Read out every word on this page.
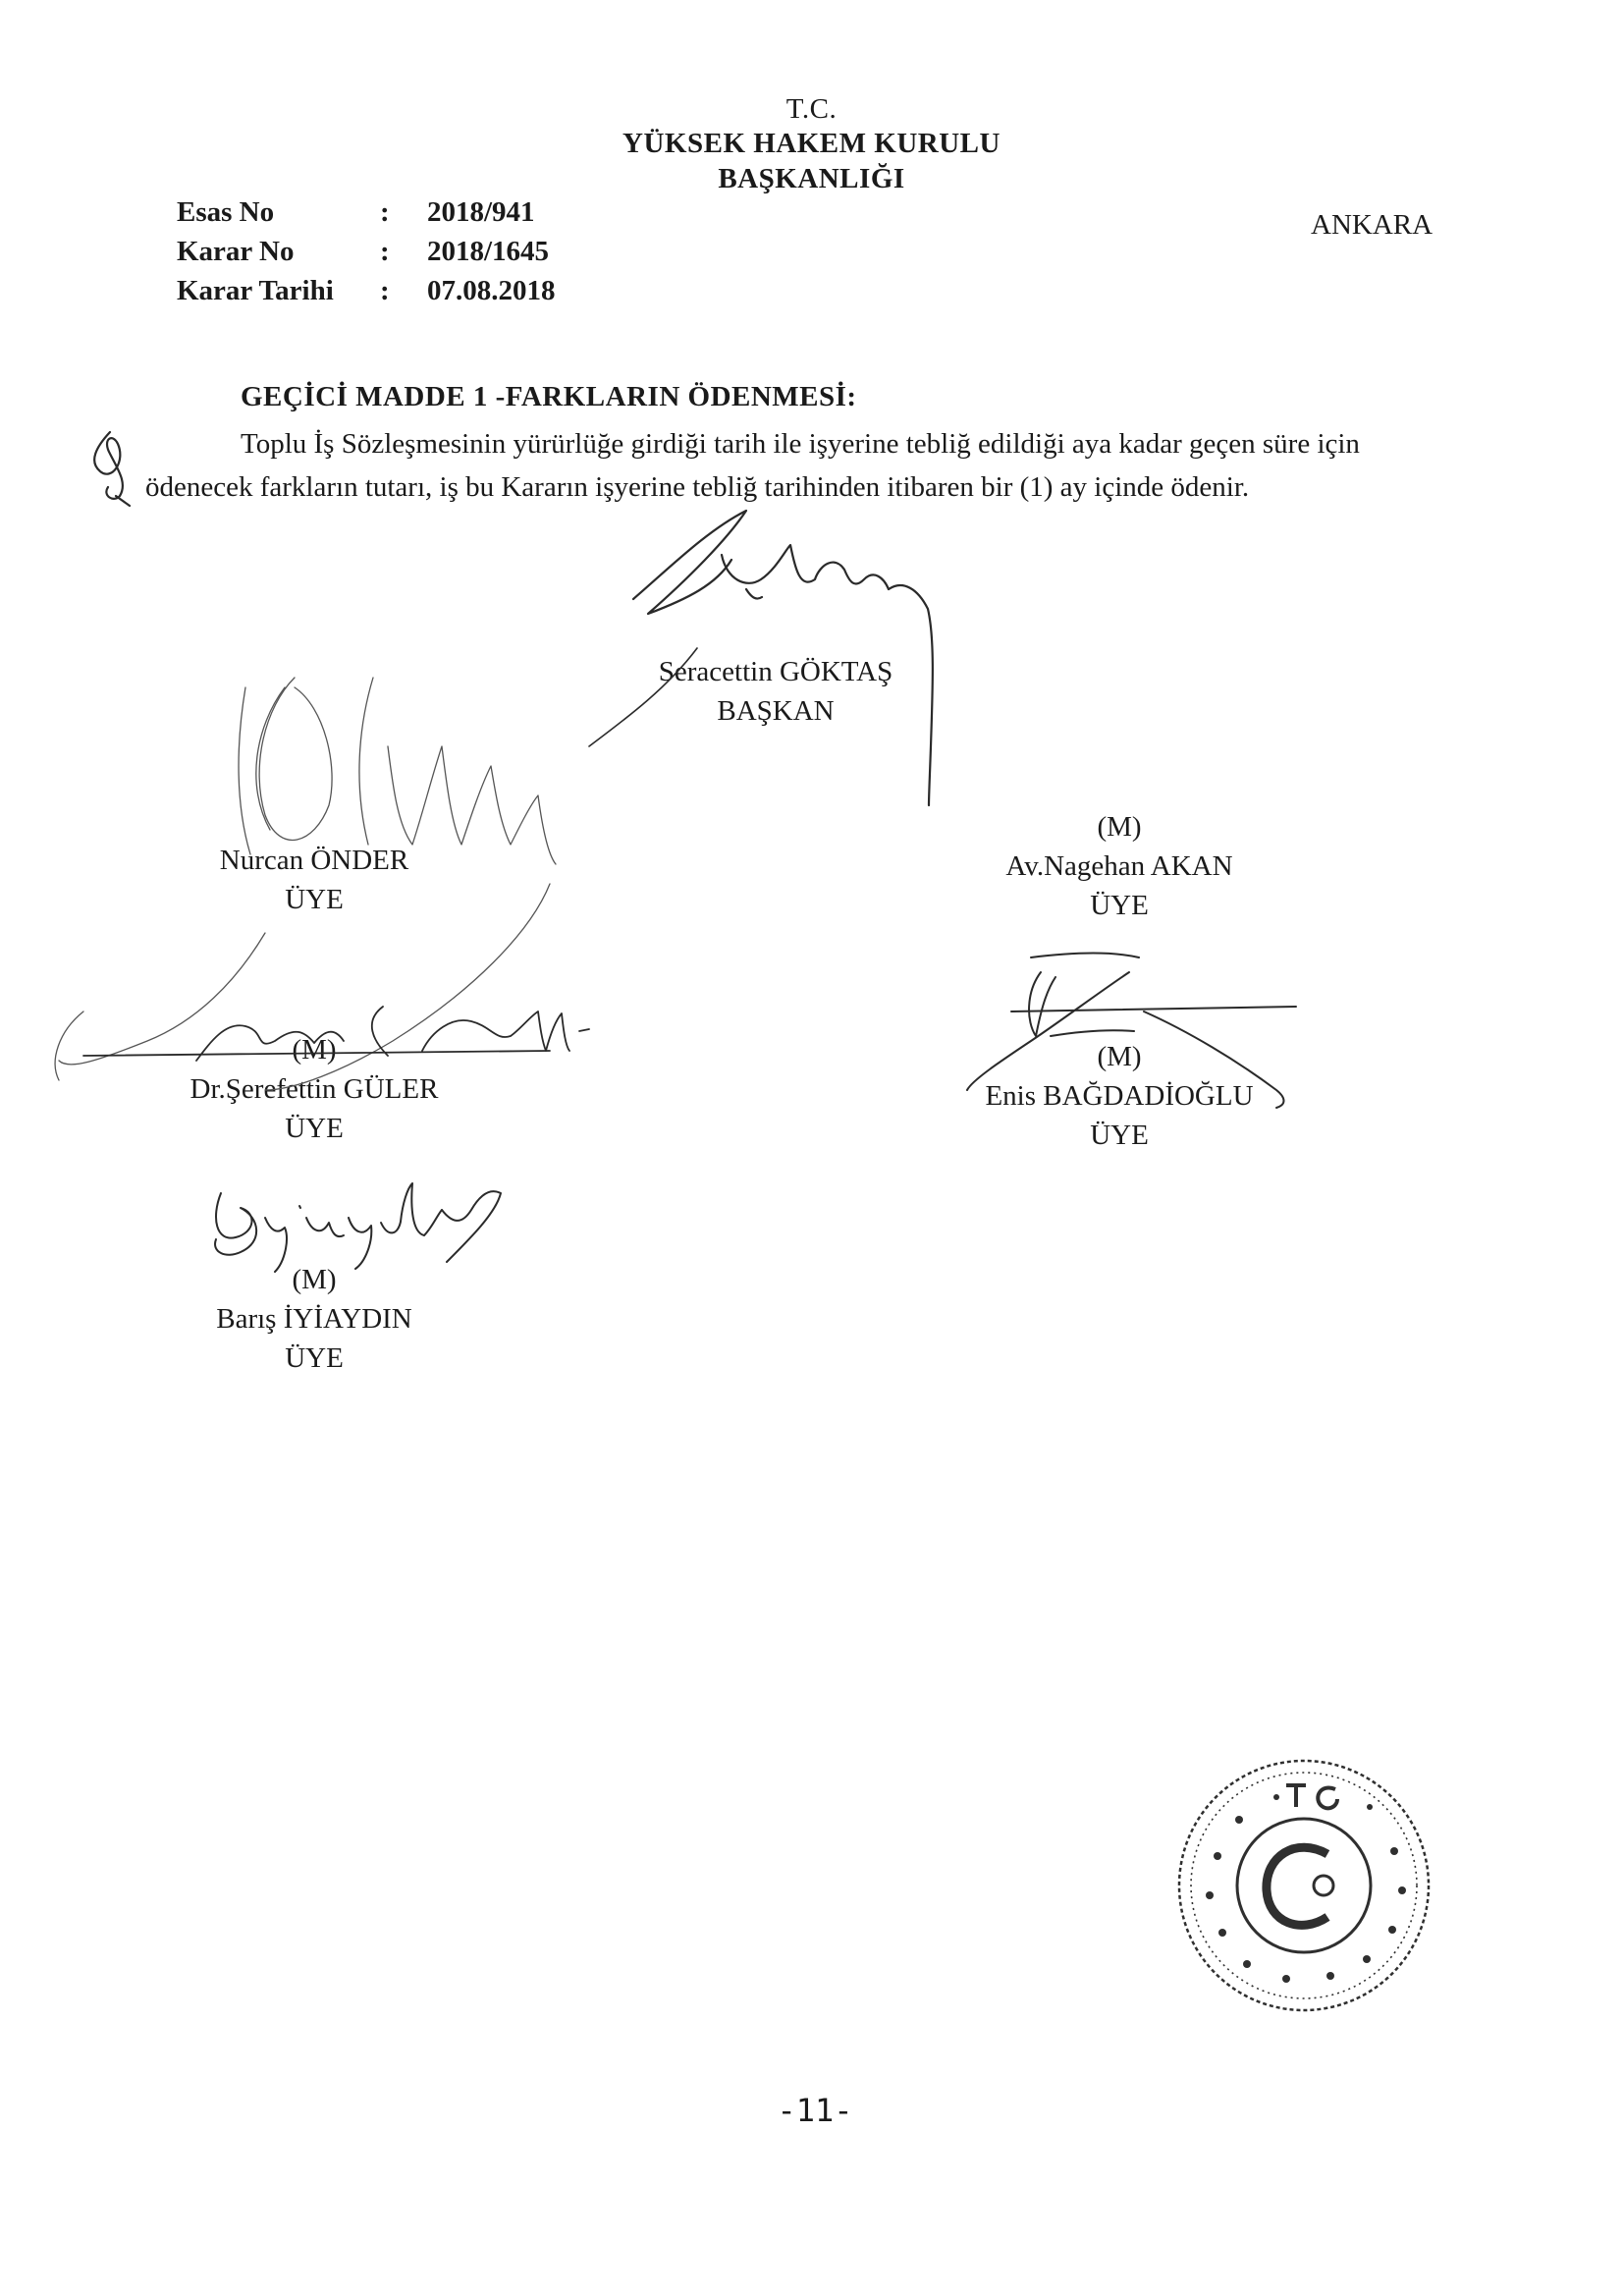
T.C.
YÜKSEK HAKEM KURULU
BAŞKANLIĞI
Esas No	: 2018/941
Karar No	: 2018/1645
Karar Tarihi : 07.08.2018
ANKARA
GEÇİCİ MADDE 1 -FARKLARIN ÖDENMESİ:
Toplu İş Sözleşmesinin yürürlüğe girdiği tarih ile işyerine tebliğ edildiği aya kadar geçen süre için
ödenecek farkların tutarı, iş bu Kararın işyerine tebliğ tarihinden itibaren bir (1) ay içinde ödenir.
Seracettin GÖKTAŞ
BAŞKAN
Nurcan ÖNDER
ÜYE
(M)
Av.Nagehan AKAN
ÜYE
(M)
Dr.Şerefettin GÜLER
ÜYE
(M)
Enis BAĞDADİOĞLU
ÜYE
(M)
Barış İYİAYDIN
ÜYE
-11-
